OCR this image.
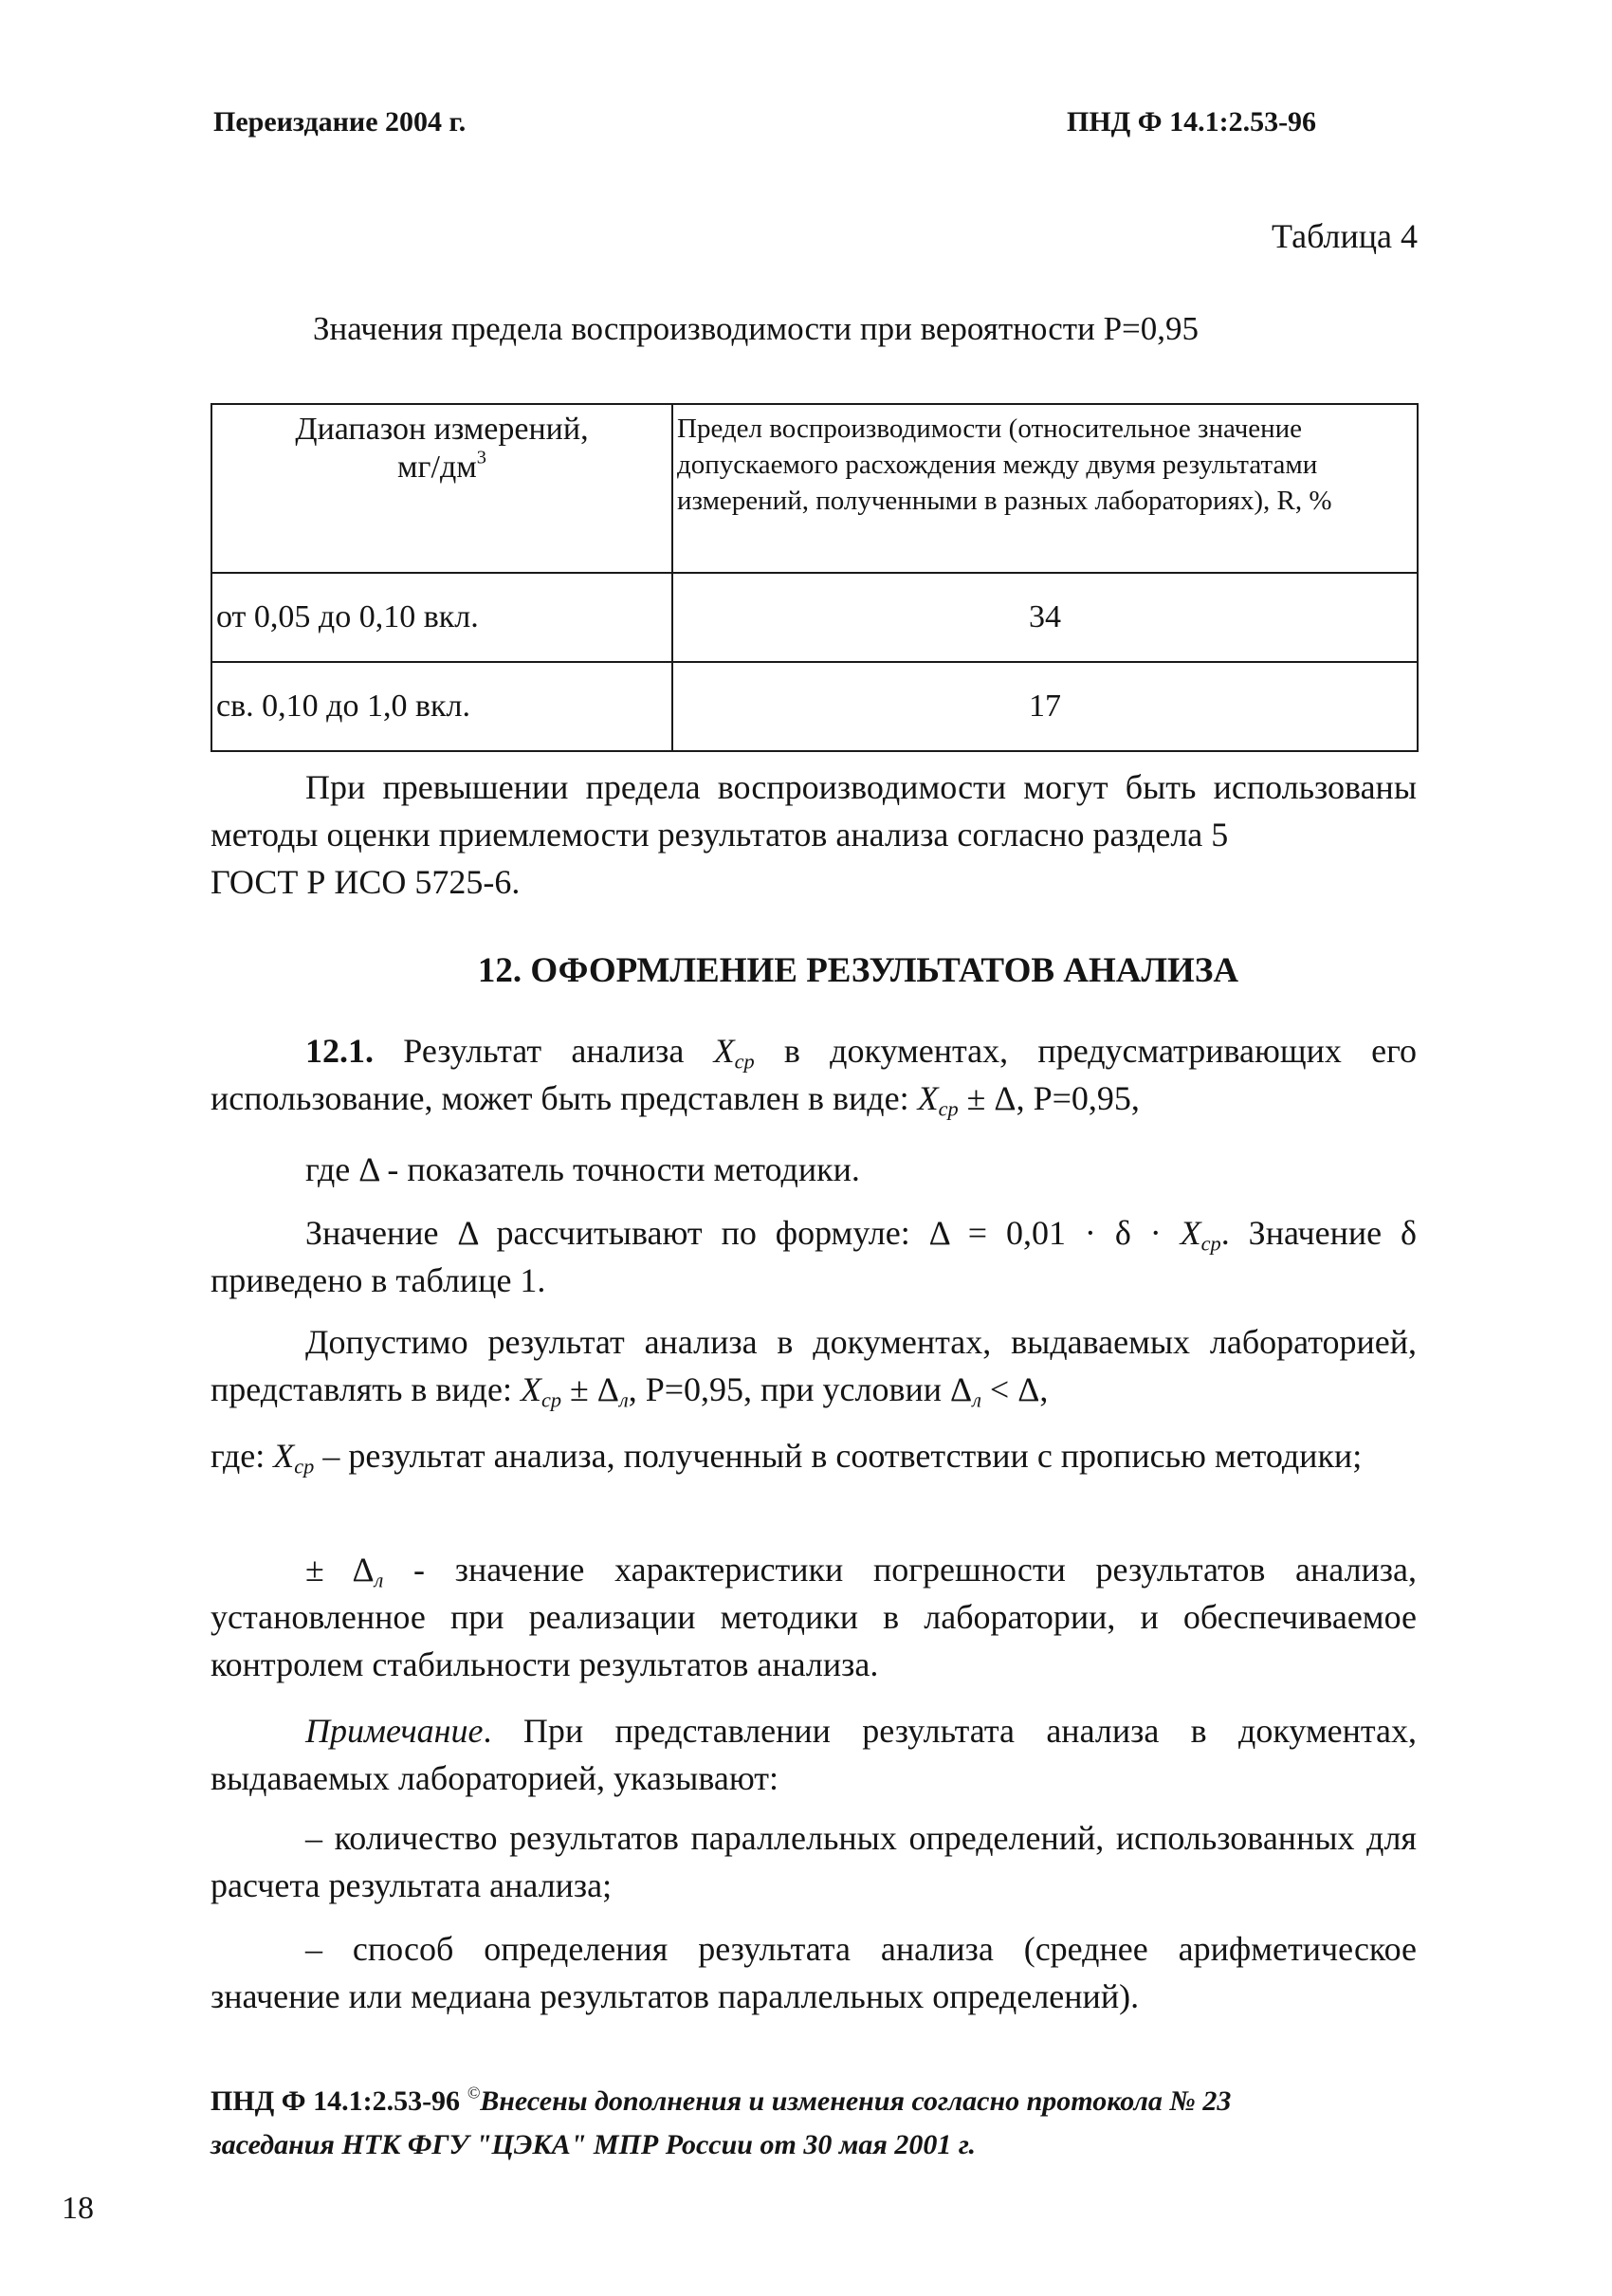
Переиздание 2004 г.	ПНД Ф 14.1:2.53-96
Таблица 4
Значения предела воспроизводимости при вероятности Р=0,95
Диапазон измерений,
$мг/дм^3$	Предел воспроизводимости (относительное значение допускаемого расхождения между двумя результатами измерений, полученными в разных лабораториях), R, %
от 0,05 до 0,10 вкл.	34
св. 0,10 до 1,0 вкл.	17
При превышении предела воспроизводимости могут быть использованы методы оценки приемлемости результатов анализа согласно раздела 5
ГОСТ Р ИСО 5725-6.
12. ОФОРМЛЕНИЕ РЕЗУЛЬТАТОВ АНАЛИЗА
12.1. Результат анализа $X_{ср}$ в документах, предусматривающих его использование, может быть представлен в виде: $X_{ср} \pm \Delta$, Р=0,95,
где Δ - показатель точности методики.
Значение Δ рассчитывают по формуле: $\Delta = 0,01 \cdot \delta \cdot X_{ср}$. Значение δ приведено в таблице 1.
Допустимо результат анализа в документах, выдаваемых лабораторией, представлять в виде: $X_{ср} \pm \Delta_л$, Р=0,95, при условии $\Delta_л < \Delta$,
где: $X_{ср}$ – результат анализа, полученный в соответствии с прописью методики;
± $\Delta_л$ - значение характеристики погрешности результатов анализа, установленное при реализации методики в лаборатории, и обеспечиваемое контролем стабильности результатов анализа.
Примечание. При представлении результата анализа в документах, выдаваемых лабораторией, указывают:
– количество результатов параллельных определений, использованных для расчета результата анализа;
– способ определения результата анализа (среднее арифметическое значение или медиана результатов параллельных определений).
ПНД Ф 14.1:2.53-96 ©Внесены дополнения и изменения согласно протокола № 23
заседания НТК ФГУ "ЦЭКА" МПР России от 30 мая 2001 г.
18
